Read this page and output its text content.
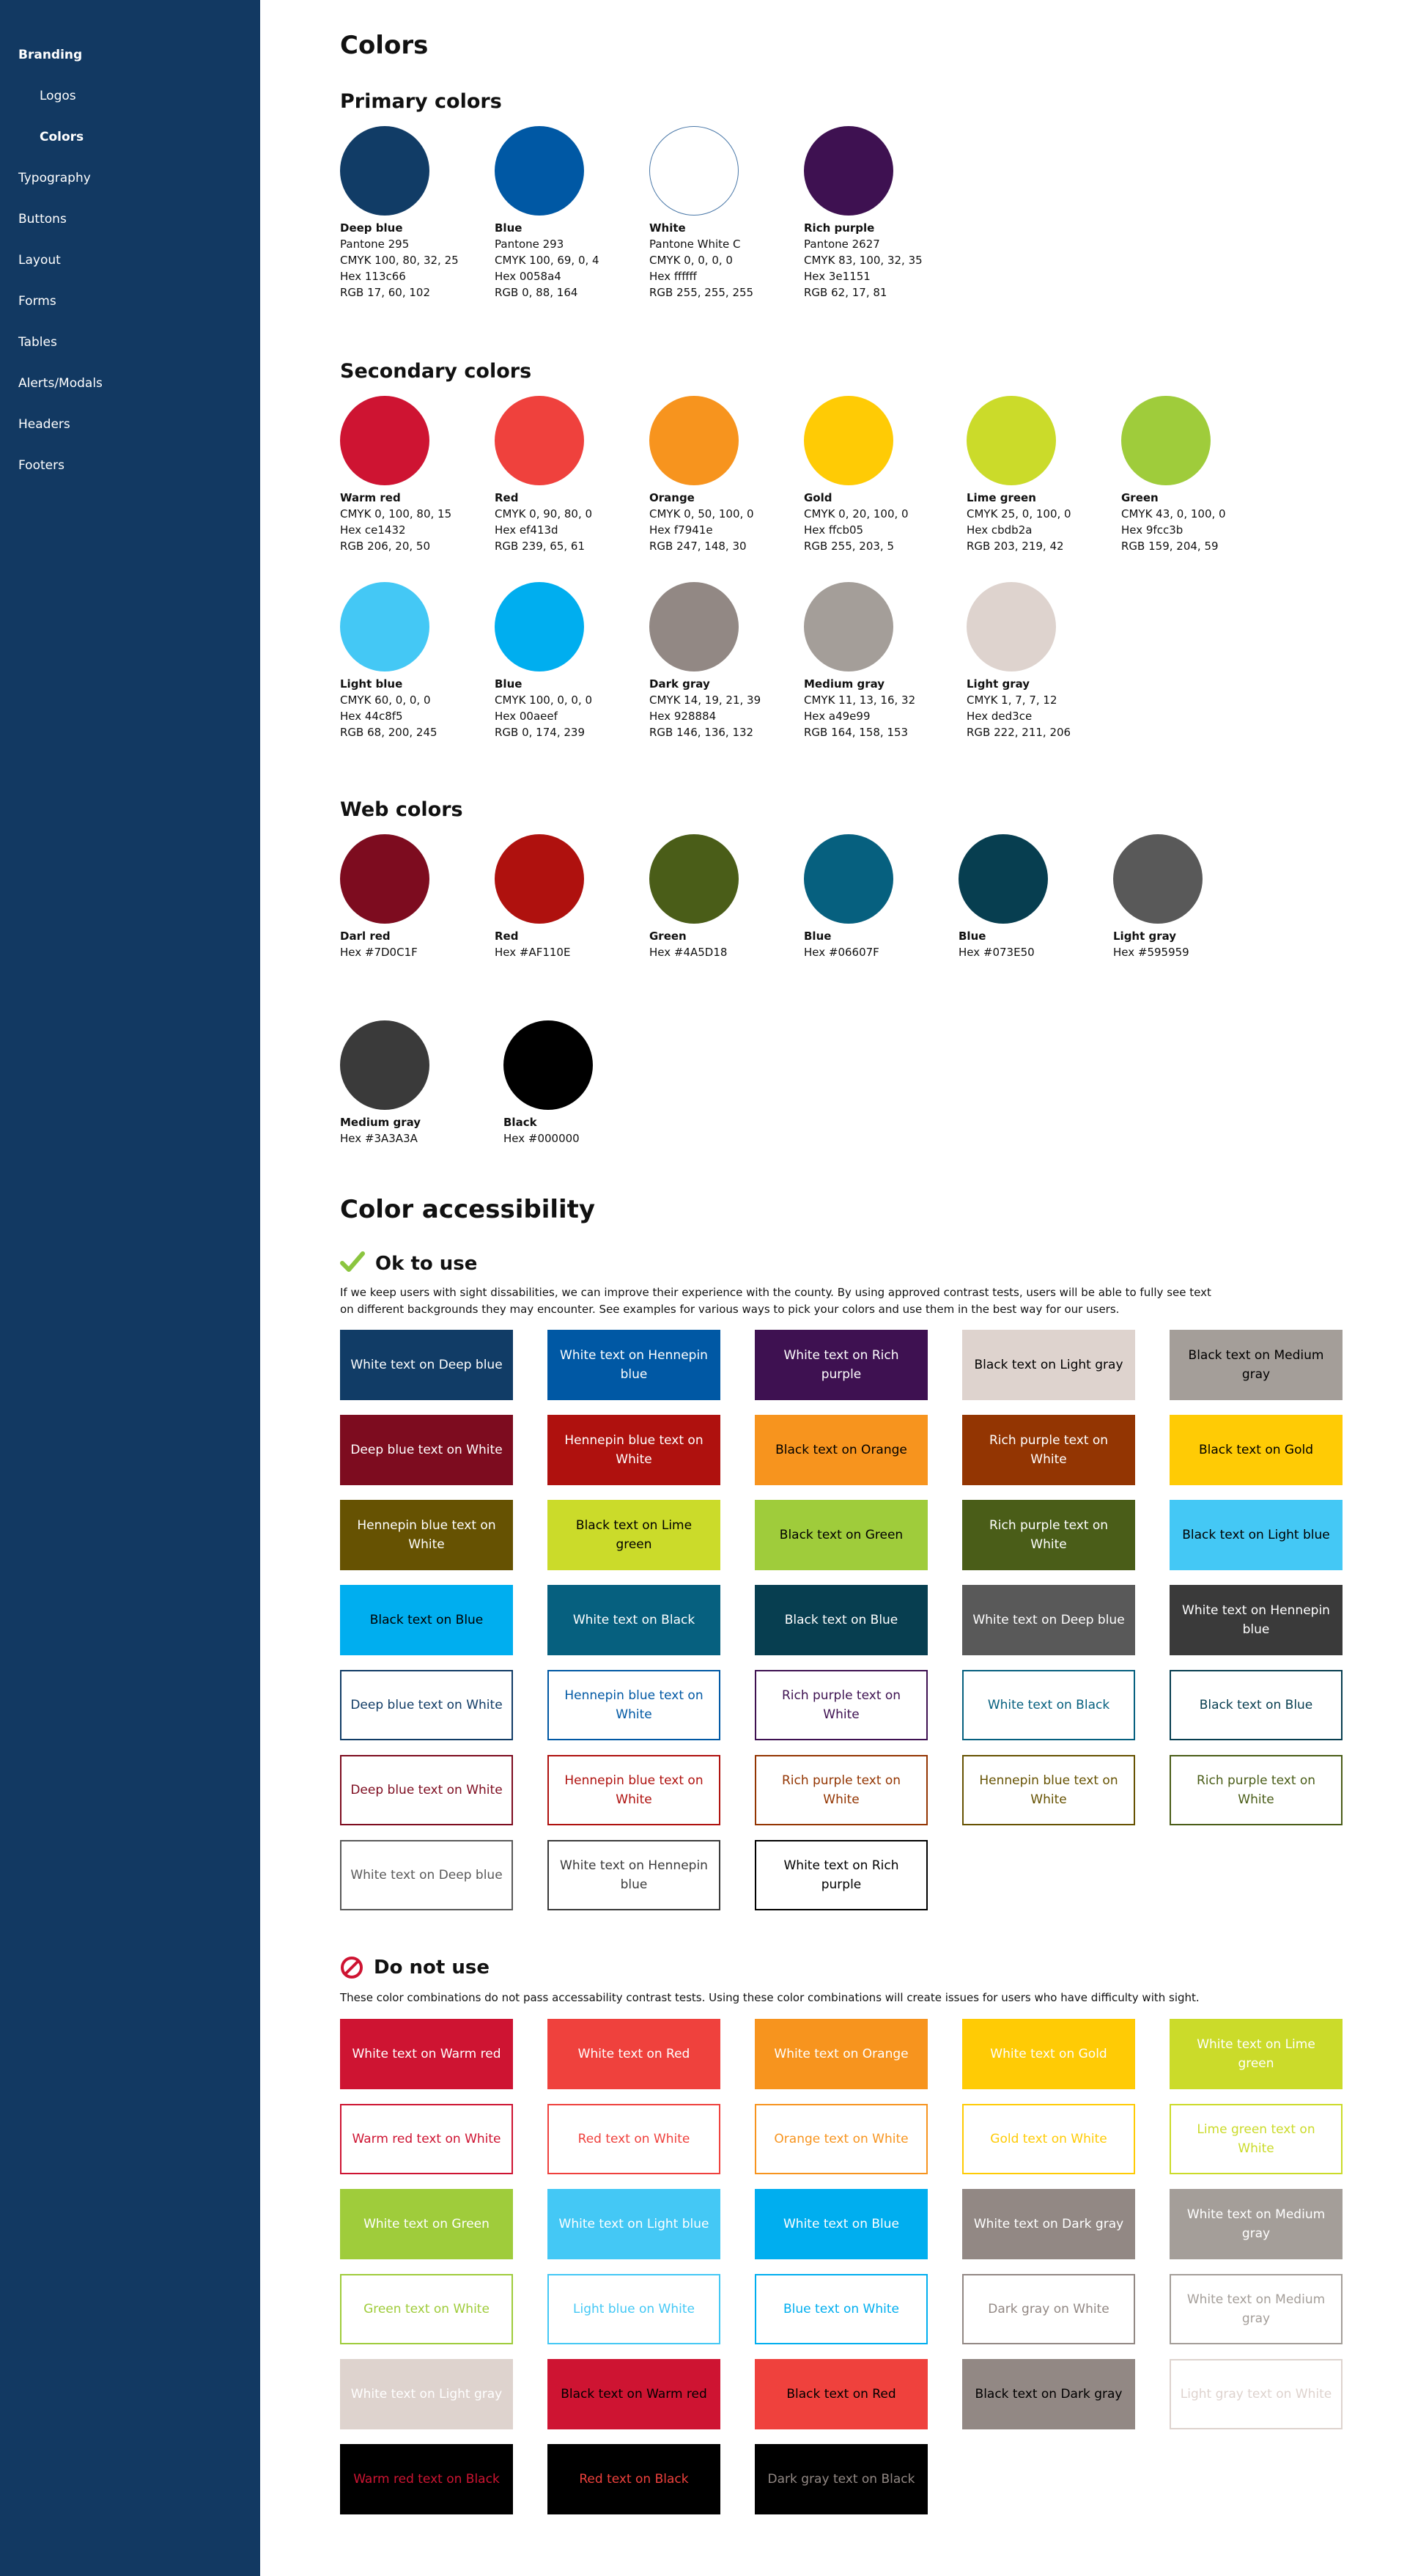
Branding
Logos
Colors
Typography
Buttons
Layout
Forms
Tables
Alerts/Modals
Headers
Footers
Colors
Primary colors
Deep blue
Pantone 295
CMYK 100, 80, 32, 25
Hex 113c66
RGB 17, 60, 102
Blue
Pantone 293
CMYK 100, 69, 0, 4
Hex 0058a4
RGB 0, 88, 164
White
Pantone White C
CMYK 0, 0, 0, 0
Hex ffffff
RGB 255, 255, 255
Rich purple
Pantone 2627
CMYK 83, 100, 32, 35
Hex 3e1151
RGB 62, 17, 81
Secondary colors
Warm red
CMYK 0, 100, 80, 15
Hex ce1432
RGB 206, 20, 50
Red
CMYK 0, 90, 80, 0
Hex ef413d
RGB 239, 65, 61
Orange
CMYK 0, 50, 100, 0
Hex f7941e
RGB 247, 148, 30
Gold
CMYK 0, 20, 100, 0
Hex ffcb05
RGB 255, 203, 5
Lime green
CMYK 25, 0, 100, 0
Hex cbdb2a
RGB 203, 219, 42
Green
CMYK 43, 0, 100, 0
Hex 9fcc3b
RGB 159, 204, 59
Light blue
CMYK 60, 0, 0, 0
Hex 44c8f5
RGB 68, 200, 245
Blue
CMYK 100, 0, 0, 0
Hex 00aeef
RGB 0, 174, 239
Dark gray
CMYK 14, 19, 21, 39
Hex 928884
RGB 146, 136, 132
Medium gray
CMYK 11, 13, 16, 32
Hex a49e99
RGB 164, 158, 153
Light gray
CMYK 1, 7, 7, 12
Hex ded3ce
RGB 222, 211, 206
Web colors
Darl red
Hex #7D0C1F
Red
Hex #AF110E
Green
Hex #4A5D18
Blue
Hex #06607F
Blue
Hex #073E50
Light gray
Hex #595959
Medium gray
Hex #3A3A3A
Black
Hex #000000
Color accessibility
Ok to use

If we keep users with sight dissabilities, we can improve their experience with the county. By using approved contrast tests, users will be able to fully see text on different backgrounds they may encounter. See examples for various ways to pick your colors and use them in the best way for our users.

White text on Deep blue
White text on Hennepin blue
White text on Rich purple
Black text on Light gray
Black text on Medium gray
Deep blue text on White
Hennepin blue text on White
Black text on Orange
Rich purple text on White
Black text on Gold
Hennepin blue text on White
Black text on Lime green
Black text on Green
Rich purple text on White
Black text on Light blue
Black text on Blue	White text on Black	Black text on Blue	White text on Deep blue
White text on Hennepin blue
Deep blue text on White
Hennepin blue text on White
Rich purple text on White
White text on Black	Black text on Blue
Deep blue text on White
Hennepin blue text on White
Rich purple text on White
Hennepin blue text on White
Rich purple text on White
White text on Deep blue
White text on Hennepin blue
White text on Rich purple
Do not use

These color combinations do not pass accessability contrast tests. Using these color combinations will create issues for users who have difficulty with sight.

White text on Warm red	White text on Red	White text on Orange	White text on Gold
White text on Lime green
Warm red text on White	Red text on White	Orange text on White	Gold text on White
Lime green text on White
White text on Green	White text on Light blue	White text on Blue	White text on Dark gray
White text on Medium gray
Green text on White	Light blue on White	Blue text on White	Dark gray on White
White text on Medium gray
White text on Light gray	Black text on Warm red	Black text on Red	Black text on Dark gray	Light gray text on White
Warm red text on Black	Red text on Black	Dark gray text on Black
